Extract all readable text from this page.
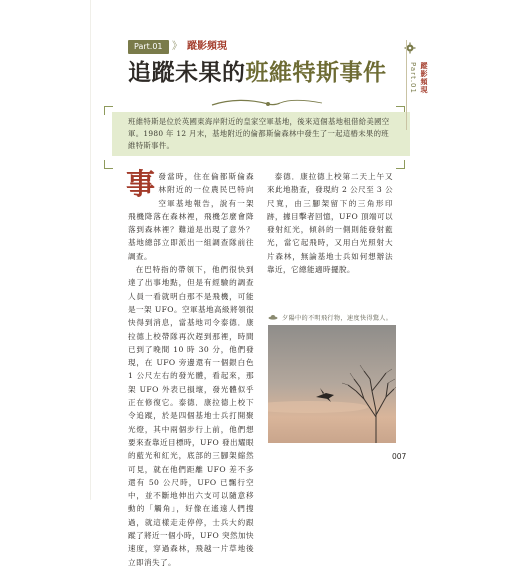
Part.01 》 蹤影頻現
追蹤未果的班維特斯事件

班維特斯是位於英國東海岸附近的皇家空軍基地，後來這個基地租借給美國空軍。1980 年 12 月末，基地附近的倫都斯倫森林中發生了一起這樁未果的班維特斯事件。

事發當時，住在倫都斯倫森林附近的一位農民巴特向空軍基地報告，說有一架飛機降落在森林裡，飛機怎麼會降落到森林裡？難道是出現了意外？基地總部立即派出一組調查隊前往調查。

在巴特指的帶領下，他們很快到達了出事地點，但是有經驗的調查人員一看就明白那不是飛機，可能是一架 UFO。空軍基地高級將領很快得到消息，當基地司令泰德．康拉德上校帶隊再次趕到那裡，時間已到了晚間 10 時 30 分，他們發現，在 UFO 旁邊還有一個銀白色 1 公尺左右的發光體，看起來，那架 UFO 外表已損壞，發光體似乎正在修復它。泰德．康拉德上校下令追蹤，於是四個基地士兵打開聚光燈，其中兩個步行上前，他們想要來查靠近目標時，UFO 發出耀眼的藍光和紅光，底部的三腳架縮然可見，就在他們距離 UFO 差不多還有 50 公尺時，UFO 已飄行空中，並不斷地伸出六支可以隨意移動的「觸角」，好像在遙遠人們搜過，就這樣走走停停，士兵大約跟蹤了將近一個小時，UFO 突然加快速度，穿過森林，飛越一片草地後立即消失了。

泰德．康拉德上校第二天上午又來此地勘查，發現約 2 公尺至 3 公尺寬，由三腳架留下的三角形印跡，據目擊者回憶，UFO 頂端可以發射紅光，傾斜的一側則能發射藍光，當它起飛時，又用白光照射大片森林，無論基地士兵如何想辦法靠近，它總能適時擺脫。

夕陽中的不明飛行物，速度快得驚人。
007
Part.01 蹤影頻現
